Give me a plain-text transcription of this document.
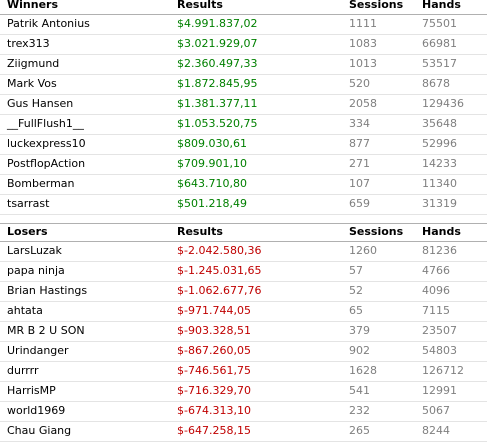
Winners	Results	Sessions Hands
Patrik Antonius	$4.991.837,02	1111	75501
trex313	$3.021.929,07	1083	66981
Ziigmund	$2.360.497,33	1013	53517
Mark Vos	$1.872.845,95	520	8678
Gus Hansen	$1.381.377,11	2058	129436
__FullFlush1__	$1.053.520,75	334	35648
luckexpress10	$809.030,61	877	52996
PostflopAction	$709.901,10	271	14233
Bomberman	$643.710,80	107	11340
tsarrast	$501.218,49	659	31319
Losers	Results	Sessions Hands
LarsLuzak	$-2.042.580,36	1260	81236
papa ninja	$-1.245.031,65	57	4766
Brian Hastings	$-1.062.677,76	52	4096
ahtata	$-971.744,05	65	7115
MR B 2 U SON	$-903.328,51	379	23507
Urindanger	$-867.260,05	902	54803
durrrr	$-746.561,75	1628	126712
HarrisMP	$-716.329,70	541	12991
world1969	$-674.313,10	232	5067
Chau Giang	$-647.258,15	265	8244
